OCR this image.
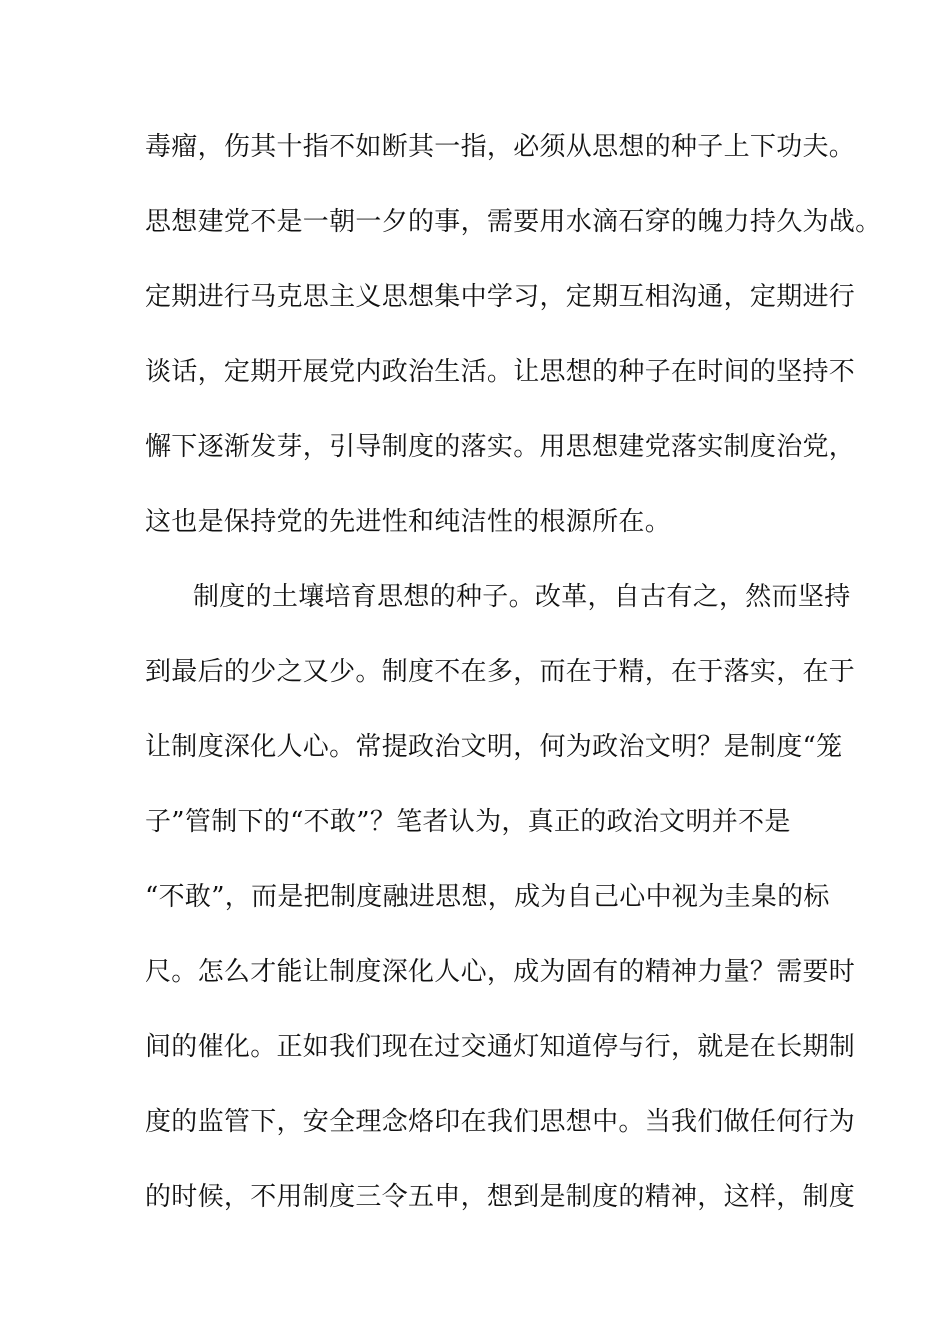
毒瘤，伤其十指不如断其一指，必须从思想的种子上下功夫。
思想建党不是一朝一夕的事，需要用水滴石穿的魄力持久为战。
定期进行马克思主义思想集中学习，定期互相沟通，定期进行
谈话，定期开展党内政治生活。让思想的种子在时间的坚持不
懈下逐渐发芽，引导制度的落实。用思想建党落实制度治党，
这也是保持党的先进性和纯洁性的根源所在。
制度的土壤培育思想的种子。改革，自古有之，然而坚持
到最后的少之又少。制度不在多，而在于精，在于落实，在于
让制度深化人心。常提政治文明，何为政治文明？是制度“笼
子”管制下的“不敢”？笔者认为，真正的政治文明并不是
“不敢”，而是把制度融进思想，成为自己心中视为圭臬的标
尺。怎么才能让制度深化人心，成为固有的精神力量？需要时
间的催化。正如我们现在过交通灯知道停与行，就是在长期制
度的监管下，安全理念烙印在我们思想中。当我们做任何行为
的时候，不用制度三令五申，想到是制度的精神，这样，制度
